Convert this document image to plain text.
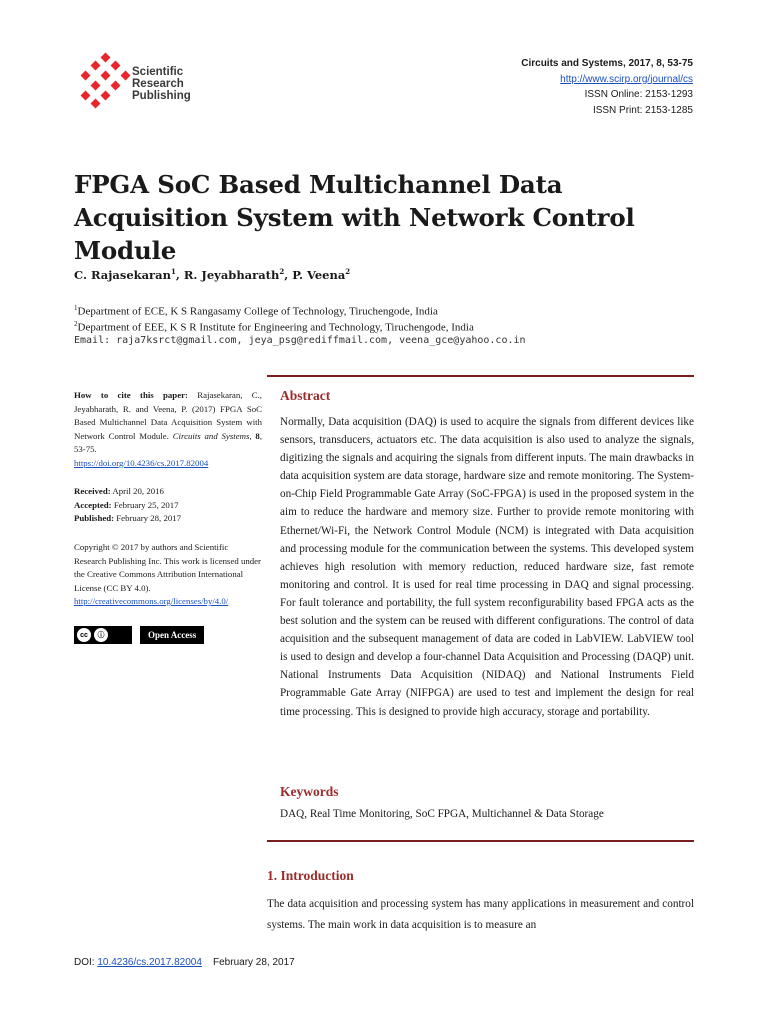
Scientific
Research
Publishing
Circuits and Systems, 2017, 8, 53-75
http://www.scirp.org/journal/cs
ISSN Online: 2153-1293
ISSN Print: 2153-1285
FPGA SoC Based Multichannel Data Acquisition System with Network Control Module
C. Rajasekaran$^1$, R. Jeyabharath$^2$, P. Veena$^2$
$^1$Department of ECE, K S Rangasamy College of Technology, Tiruchengode, India
$^2$Department of EEE, K S R Institute for Engineering and Technology, Tiruchengode, India
Email: raja7ksrct@gmail.com, jeya_psg@rediffmail.com, veena_gce@yahoo.co.in
How to cite this paper: Rajasekaran, C., Jeyabharath, R. and Veena, P. (2017) FPGA SoC Based Multichannel Data Acquisition System with Network Control Module. Circuits and Systems, 8, 53-75.
https://doi.org/10.4236/cs.2017.82004
Received: April 20, 2016
Accepted: February 25, 2017
Published: February 28, 2017
Copyright © 2017 by authors and Scientific Research Publishing Inc. This work is licensed under the Creative Commons Attribution International License (CC BY 4.0).
http://creativecommons.org/licenses/by/4.0/
cc	ⓘ	Open Access
Abstract
Normally, Data acquisition (DAQ) is used to acquire the signals from different devices like sensors, transducers, actuators etc. The data acquisition is also used to analyze the signals, digitizing the signals and acquiring the signals from different inputs. The main drawbacks in data acquisition system are data storage, hardware size and remote monitoring. The System-on-Chip Field Programmable Gate Array (SoC-FPGA) is used in the proposed system in the aim to reduce the hardware and memory size. Further to provide remote monitoring with Ethernet/Wi-Fi, the Network Control Module (NCM) is integrated with Data acquisition and processing module for the communication between the systems. This developed system achieves high resolution with memory reduction, reduced hardware size, fast remote monitoring and control. It is used for real time processing in DAQ and signal processing. For fault tolerance and portability, the full system reconfigurability based FPGA acts as the best solution and the system can be reused with different configurations. The control of data acquisition and the subsequent management of data are coded in LabVIEW. LabVIEW tool is used to design and develop a four-channel Data Acquisition and Processing (DAQP) unit. National Instruments Data Acquisition (NIDAQ) and National Instruments Field Programmable Gate Array (NIFPGA) are used to test and implement the design for real time processing. This is designed to provide high accuracy, storage and portability.
Keywords
DAQ, Real Time Monitoring, SoC FPGA, Multichannel & Data Storage
1. Introduction
The data acquisition and processing system has many applications in measurement and control systems. The main work in data acquisition is to measure an
DOI: 10.4236/cs.2017.82004 February 28, 2017
